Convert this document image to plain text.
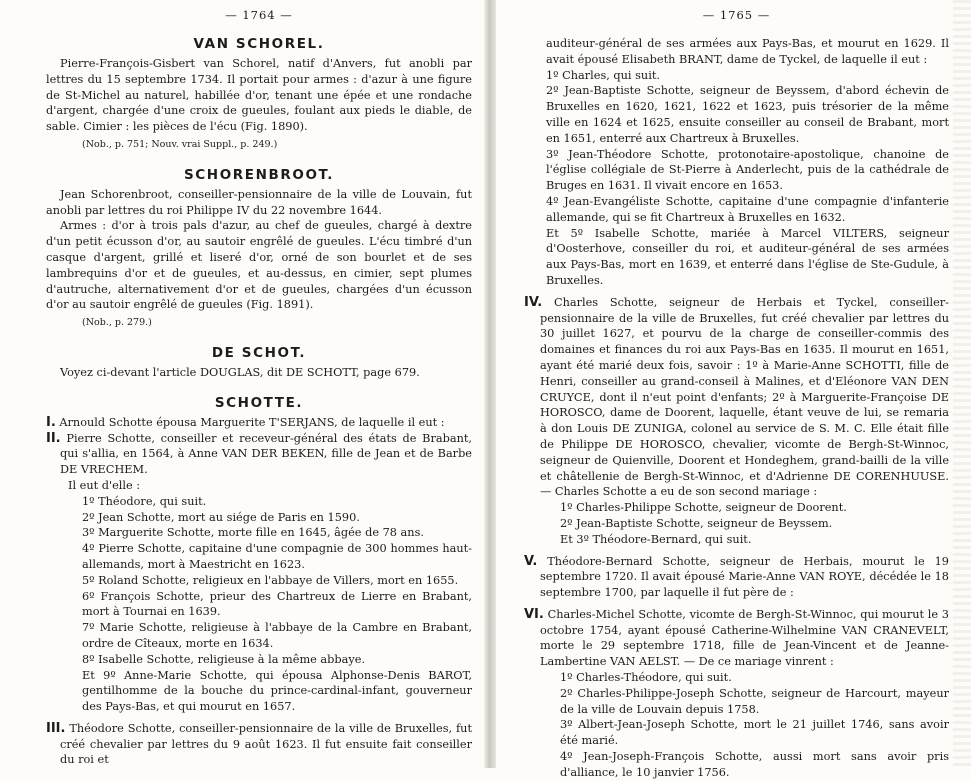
— 1764 —
VAN SCHOREL.

Pierre-François-Gisbert van Schorel, natif d'Anvers, fut anobli par lettres du 15 septembre 1734. Il portait pour armes : d'azur à une figure de St-Michel au naturel, habillée d'or, tenant une épée et une rondache d'argent, chargée d'une croix de gueules, foulant aux pieds le diable, de sable. Cimier : les pièces de l'écu (Fig. 1890).

(Nob., p. 751; Nouv. vrai Suppl., p. 249.)

SCHORENBROOT.

Jean Schorenbroot, conseiller-pensionnaire de la ville de Louvain, fut anobli par lettres du roi Philippe IV du 22 novembre 1644.

Armes : d'or à trois pals d'azur, au chef de gueules, chargé à dextre d'un petit écusson d'or, au sautoir engrêlé de gueules. L'écu timbré d'un casque d'argent, grillé et liseré d'or, orné de son bourlet et de ses lambrequins d'or et de gueules, et au-dessus, en cimier, sept plumes d'autruche, alternativement d'or et de gueules, chargées d'un écusson d'or au sautoir engrêlé de gueules (Fig. 1891).

(Nob., p. 279.)

DE SCHOT.

Voyez ci-devant l'article DOUGLAS, dit DE SCHOTT, page 679.

SCHOTTE.

I. Arnould Schotte épousa Marguerite T'SERJANS, de laquelle il eut :

II. Pierre Schotte, conseiller et receveur-général des états de Brabant, qui s'allia, en 1564, à Anne VAN DER BEKEN, fille de Jean et de Barbe DE VRECHEM.

Il eut d'elle :

1º Théodore, qui suit.

2º Jean Schotte, mort au siége de Paris en 1590.

3º Marguerite Schotte, morte fille en 1645, âgée de 78 ans.

4º Pierre Schotte, capitaine d'une compagnie de 300 hommes haut-allemands, mort à Maestricht en 1623.

5º Roland Schotte, religieux en l'abbaye de Villers, mort en 1655.

6º François Schotte, prieur des Chartreux de Lierre en Brabant, mort à Tournai en 1639.

7º Marie Schotte, religieuse à l'abbaye de la Cambre en Brabant, ordre de Cîteaux, morte en 1634.

8º Isabelle Schotte, religieuse à la même abbaye.

Et 9º Anne-Marie Schotte, qui épousa Alphonse-Denis BAROT, gentilhomme de la bouche du prince-cardinal-infant, gouverneur des Pays-Bas, et qui mourut en 1657.

III. Théodore Schotte, conseiller-pensionnaire de la ville de Bruxelles, fut créé chevalier par lettres du 9 août 1623. Il fut ensuite fait conseiller du roi et

— 1765 —

auditeur-général de ses armées aux Pays-Bas, et mourut en 1629. Il avait épousé Elisabeth BRANT, dame de Tyckel, de laquelle il eut :

1º Charles, qui suit.

2º Jean-Baptiste Schotte, seigneur de Beyssem, d'abord échevin de Bruxelles en 1620, 1621, 1622 et 1623, puis trésorier de la même ville en 1624 et 1625, ensuite conseiller au conseil de Brabant, mort en 1651, enterré aux Chartreux à Bruxelles.

3º Jean-Théodore Schotte, protonotaire-apostolique, chanoine de l'église collégiale de St-Pierre à Anderlecht, puis de la cathédrale de Bruges en 1631. Il vivait encore en 1653.

4º Jean-Evangéliste Schotte, capitaine d'une compagnie d'infanterie allemande, qui se fit Chartreux à Bruxelles en 1632.

Et 5º Isabelle Schotte, mariée à Marcel VILTERS, seigneur d'Oosterhove, conseiller du roi, et auditeur-général de ses armées aux Pays-Bas, mort en 1639, et enterré dans l'église de Ste-Gudule, à Bruxelles.

IV. Charles Schotte, seigneur de Herbais et Tyckel, conseiller-pensionnaire de la ville de Bruxelles, fut créé chevalier par lettres du 30 juillet 1627, et pourvu de la charge de conseiller-commis des domaines et finances du roi aux Pays-Bas en 1635. Il mourut en 1651, ayant été marié deux fois, savoir : 1º à Marie-Anne SCHOTTI, fille de Henri, conseiller au grand-conseil à Malines, et d'Eléonore VAN DEN CRUYCE, dont il n'eut point d'enfants; 2º à Marguerite-Françoise DE HOROSCO, dame de Doorent, laquelle, étant veuve de lui, se remaria à don Louis DE ZUNIGA, colonel au service de S. M. C. Elle était fille de Philippe DE HOROSCO, chevalier, vicomte de Bergh-St-Winnoc, seigneur de Quienville, Doorent et Hondeghem, grand-bailli de la ville et châtellenie de Bergh-St-Winnoc, et d'Adrienne DE CORENHUUSE. — Charles Schotte a eu de son second mariage :

1º Charles-Philippe Schotte, seigneur de Doorent.

2º Jean-Baptiste Schotte, seigneur de Beyssem.

Et 3º Théodore-Bernard, qui suit.

V. Théodore-Bernard Schotte, seigneur de Herbais, mourut le 19 septembre 1720. Il avait épousé Marie-Anne VAN ROYE, décédée le 18 septembre 1700, par laquelle il fut père de :

VI. Charles-Michel Schotte, vicomte de Bergh-St-Winnoc, qui mourut le 3 octobre 1754, ayant épousé Catherine-Wilhelmine VAN CRANEVELT, morte le 29 septembre 1718, fille de Jean-Vincent et de Jeanne-Lambertine VAN AELST. — De ce mariage vinrent :

1º Charles-Théodore, qui suit.

2º Charles-Philippe-Joseph Schotte, seigneur de Harcourt, mayeur de la ville de Louvain depuis 1758.

3º Albert-Jean-Joseph Schotte, mort le 21 juillet 1746, sans avoir été marié.

4º Jean-Joseph-François Schotte, aussi mort sans avoir pris d'alliance, le 10 janvier 1756.
